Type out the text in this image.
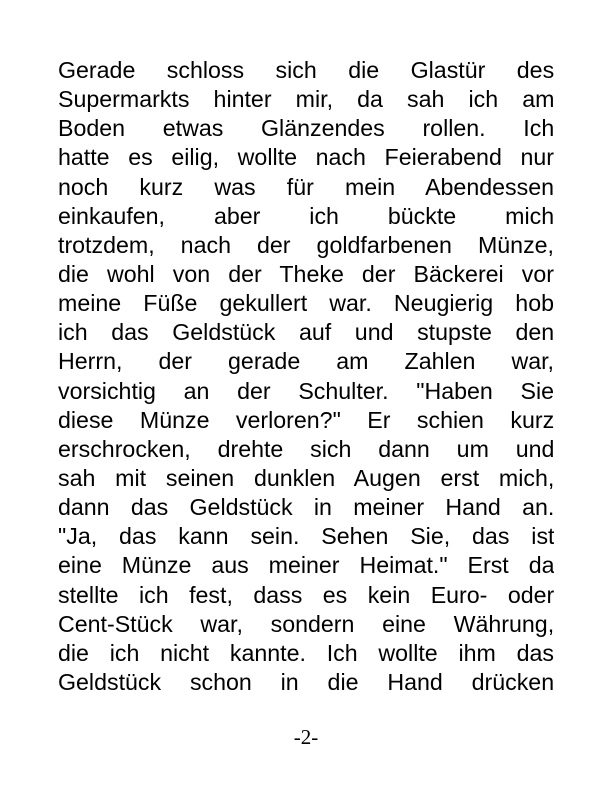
Gerade schloss sich die Glastür des
Supermarkts hinter mir, da sah ich am
Boden etwas Glänzendes rollen. Ich
hatte es eilig, wollte nach Feierabend nur
noch kurz was für mein Abendessen
einkaufen, aber ich bückte mich
trotzdem, nach der goldfarbenen Münze,
die wohl von der Theke der Bäckerei vor
meine Füße gekullert war. Neugierig hob
ich das Geldstück auf und stupste den
Herrn, der gerade am Zahlen war,
vorsichtig an der Schulter. "Haben Sie
diese Münze verloren?" Er schien kurz
erschrocken, drehte sich dann um und
sah mit seinen dunklen Augen erst mich,
dann das Geldstück in meiner Hand an.
"Ja, das kann sein. Sehen Sie, das ist
eine Münze aus meiner Heimat." Erst da
stellte ich fest, dass es kein Euro- oder
Cent-Stück war, sondern eine Währung,
die ich nicht kannte. Ich wollte ihm das
Geldstück schon in die Hand drücken
-2-
